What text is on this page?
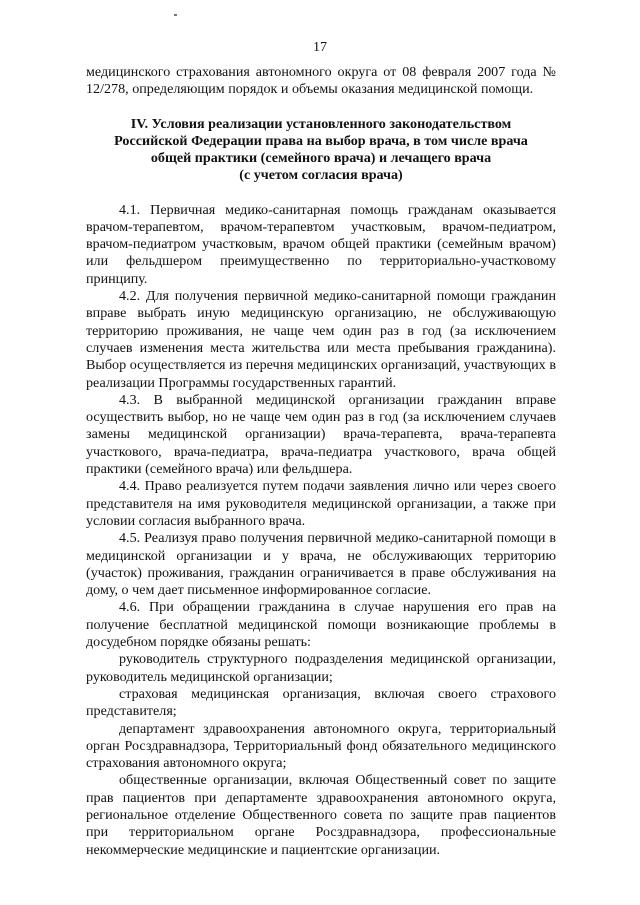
17

медицинского страхования автономного округа от 08 февраля 2007 года № 12/278, определяющим порядок и объемы оказания медицинской помощи.

IV. Условия реализации установленного законодательством
Российской Федерации права на выбор врача, в том числе врача
общей практики (семейного врача) и лечащего врача
(с учетом согласия врача)

4.1. Первичная медико-санитарная помощь гражданам оказывается врачом-терапевтом, врачом-терапевтом участковым, врачом-педиатром, врачом-педиатром участковым, врачом общей практики (семейным врачом) или фельдшером преимущественно по территориально-участковому принципу.

4.2. Для получения первичной медико-санитарной помощи гражданин вправе выбрать иную медицинскую организацию, не обслуживающую территорию проживания, не чаще чем один раз в год (за исключением случаев изменения места жительства или места пребывания гражданина). Выбор осуществляется из перечня медицинских организаций, участвующих в реализации Программы государственных гарантий.

4.3. В выбранной медицинской организации гражданин вправе осуществить выбор, но не чаще чем один раз в год (за исключением случаев замены медицинской организации) врача-терапевта, врача-терапевта участкового, врача-педиатра, врача-педиатра участкового, врача общей практики (семейного врача) или фельдшера.

4.4. Право реализуется путем подачи заявления лично или через своего представителя на имя руководителя медицинской организации, а также при условии согласия выбранного врача.

4.5. Реализуя право получения первичной медико-санитарной помощи в медицинской организации и у врача, не обслуживающих территорию (участок) проживания, гражданин ограничивается в праве обслуживания на дому, о чем дает письменное информированное согласие.

4.6. При обращении гражданина в случае нарушения его прав на получение бесплатной медицинской помощи возникающие проблемы в досудебном порядке обязаны решать:

руководитель структурного подразделения медицинской организации, руководитель медицинской организации;

страховая медицинская организация, включая своего страхового представителя;

департамент здравоохранения автономного округа, территориальный орган Росздравнадзора, Территориальный фонд обязательного медицинского страхования автономного округа;

общественные организации, включая Общественный совет по защите прав пациентов при департаменте здравоохранения автономного округа, региональное отделение Общественного совета по защите прав пациентов при территориальном органе Росздравнадзора, профессиональные некоммерческие медицинские и пациентские организации.
